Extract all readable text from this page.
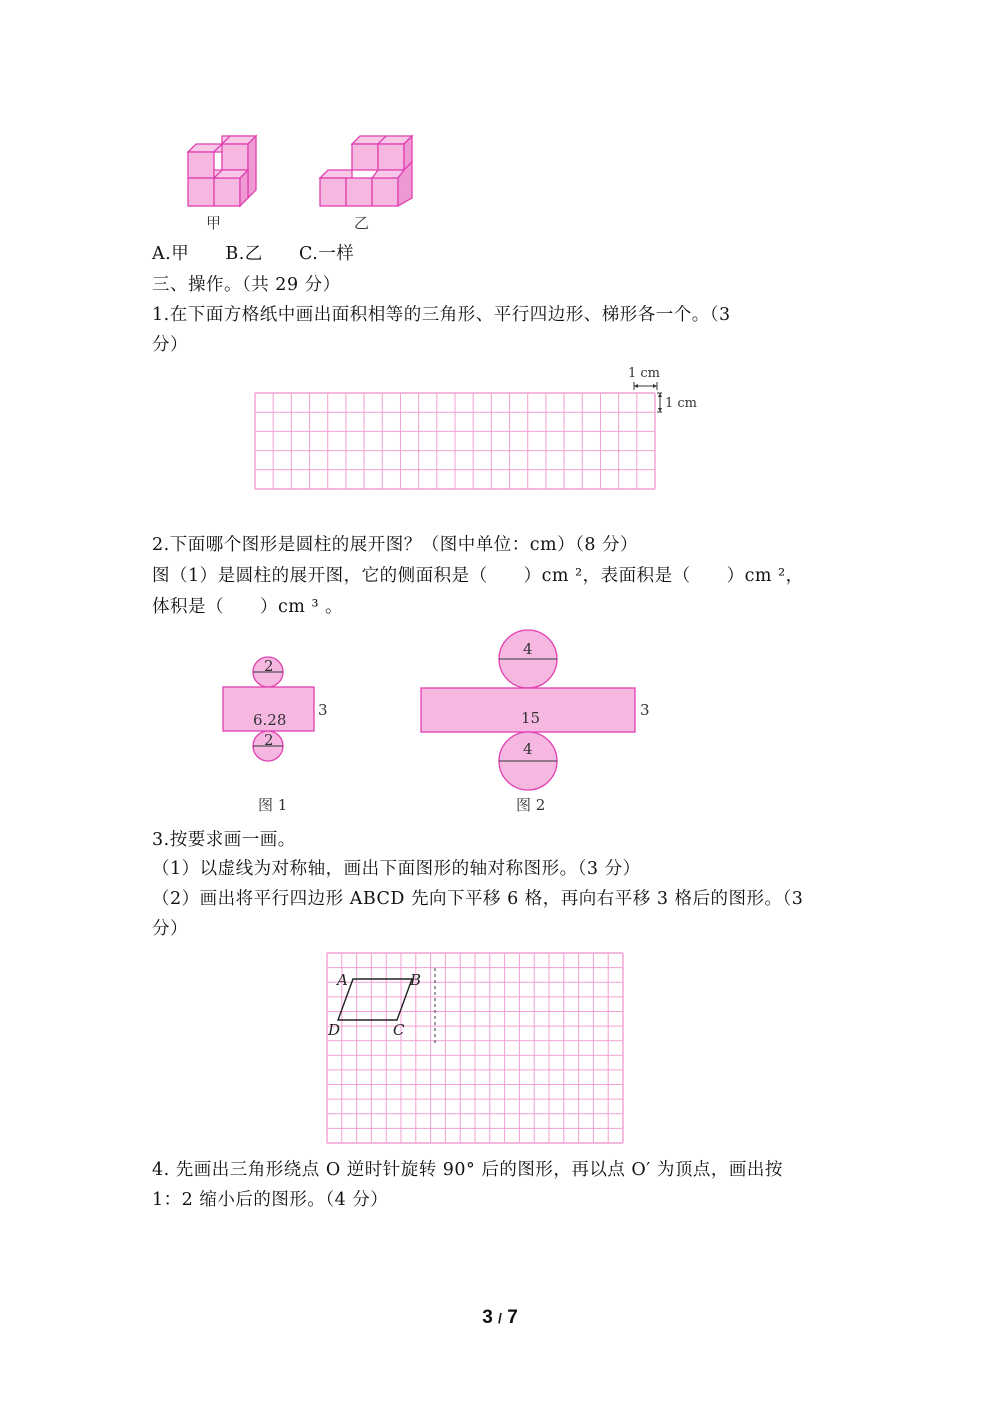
甲	乙
A.甲 B.乙 C.一样
三、操作。（共 29 分）
1.在下面方格纸中画出面积相等的三角形、平行四边形、梯形各一个。（3
分）
1 cm
1 cm
2.下面哪个图形是圆柱的展开图？（图中单位：cm）（8 分）
图（1）是圆柱的展开图，它的侧面积是（　　）cm ²，表面积是（　　）cm ²，
体积是（　　）cm ³ 。
2
6.28
2
3
图 1
4
15
4
3
图 2
3.按要求画一画。
（1）以虚线为对称轴，画出下面图形的轴对称图形。（3 分）
（2）画出将平行四边形 ABCD 先向下平移 6 格，再向右平移 3 格后的图形。（3
分）
A	B
C
D
4. 先画出三角形绕点 O 逆时针旋转 90° 后的图形，再以点 O′ 为顶点，画出按
1：2 缩小后的图形。（4 分）
3 / 7
